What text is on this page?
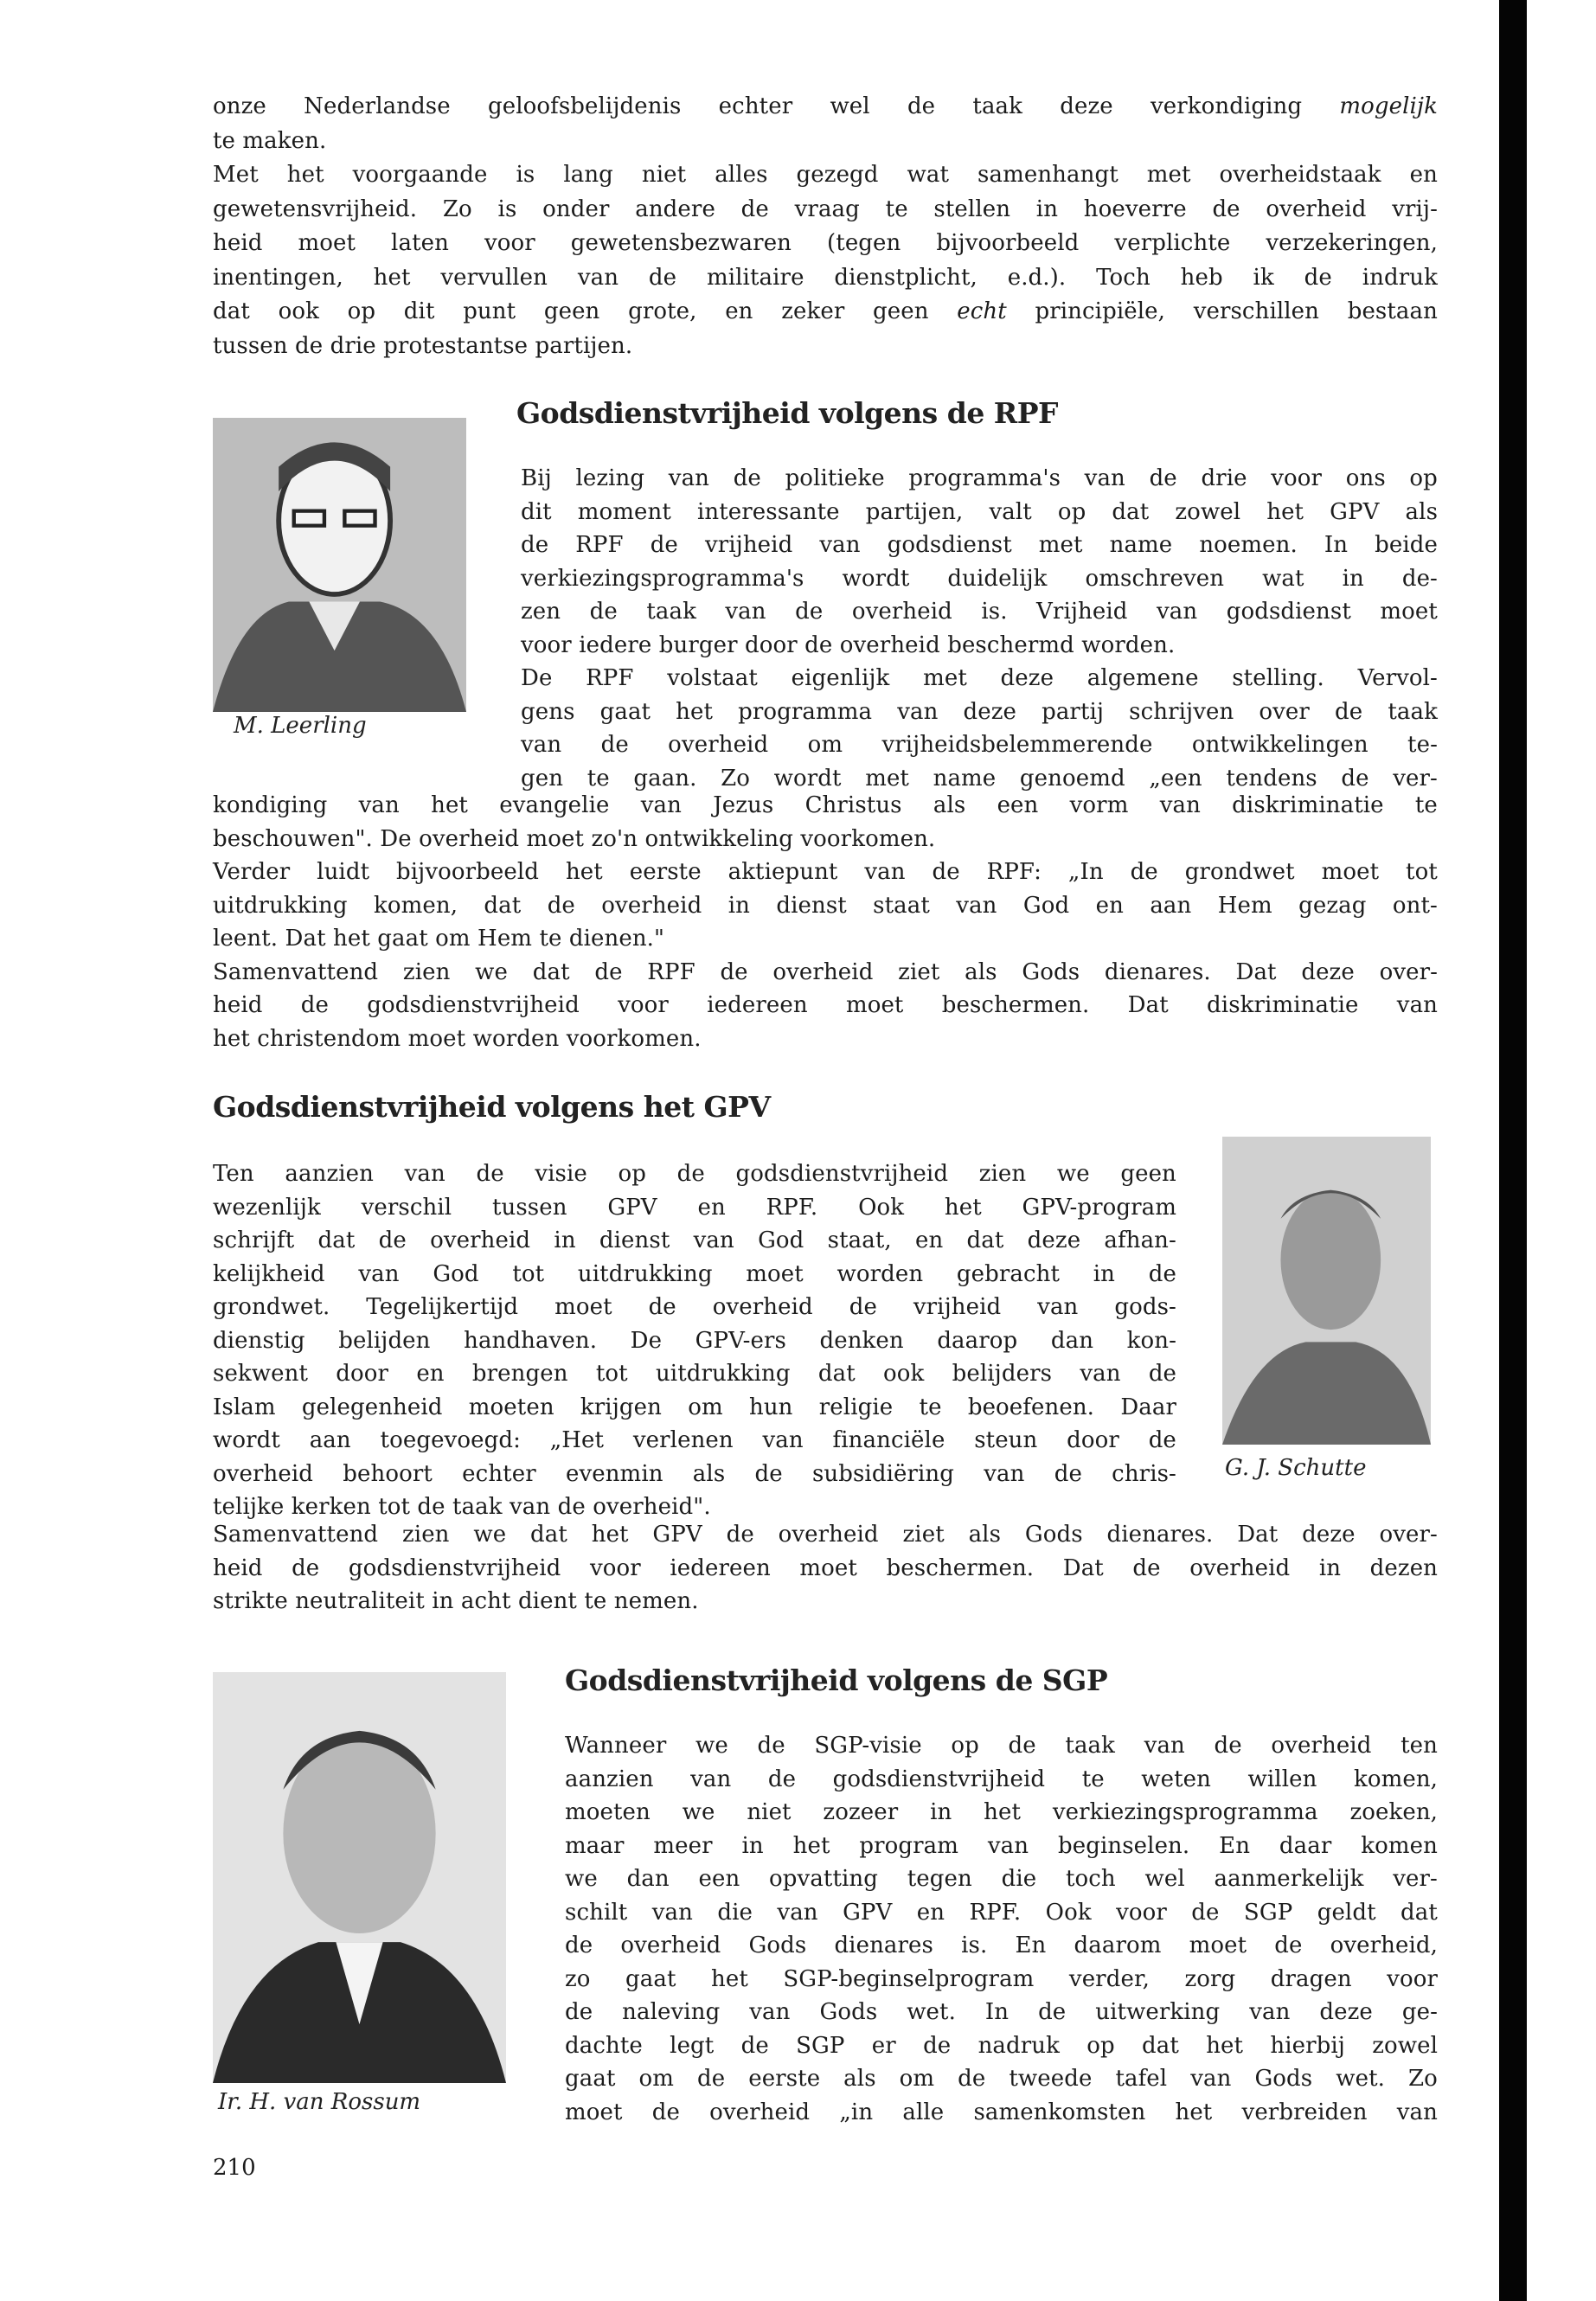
onze Nederlandse geloofsbelijdenis echter wel de taak deze verkondiging mogelijk
te maken.
Met het voorgaande is lang niet alles gezegd wat samenhangt met overheidstaak en
gewetensvrijheid. Zo is onder andere de vraag te stellen in hoeverre de overheid vrij-
heid moet laten voor gewetensbezwaren (tegen bijvoorbeeld verplichte verzekeringen,
inentingen, het vervullen van de militaire dienstplicht, e.d.). Toch heb ik de indruk
dat ook op dit punt geen grote, en zeker geen echt principiële, verschillen bestaan
tussen de drie protestantse partijen.
Godsdienstvrijheid volgens de RPF
M. Leerling
Bij lezing van de politieke programma's van de drie voor ons op
dit moment interessante partijen, valt op dat zowel het GPV als
de RPF de vrijheid van godsdienst met name noemen. In beide
verkiezingsprogramma's wordt duidelijk omschreven wat in de-
zen de taak van de overheid is. Vrijheid van godsdienst moet
voor iedere burger door de overheid beschermd worden.
De RPF volstaat eigenlijk met deze algemene stelling. Vervol-
gens gaat het programma van deze partij schrijven over de taak
van de overheid om vrijheidsbelemmerende ontwikkelingen te-
gen te gaan. Zo wordt met name genoemd „een tendens de ver-
kondiging van het evangelie van Jezus Christus als een vorm van diskriminatie te
beschouwen". De overheid moet zo'n ontwikkeling voorkomen.
Verder luidt bijvoorbeeld het eerste aktiepunt van de RPF: „In de grondwet moet tot
uitdrukking komen, dat de overheid in dienst staat van God en aan Hem gezag ont-
leent. Dat het gaat om Hem te dienen."
Samenvattend zien we dat de RPF de overheid ziet als Gods dienares. Dat deze over-
heid de godsdienstvrijheid voor iedereen moet beschermen. Dat diskriminatie van
het christendom moet worden voorkomen.
Godsdienstvrijheid volgens het GPV
Ten aanzien van de visie op de godsdienstvrijheid zien we geen
wezenlijk verschil tussen GPV en RPF. Ook het GPV-program
schrijft dat de overheid in dienst van God staat, en dat deze afhan-
kelijkheid van God tot uitdrukking moet worden gebracht in de
grondwet. Tegelijkertijd moet de overheid de vrijheid van gods-
dienstig belijden handhaven. De GPV-ers denken daarop dan kon-
sekwent door en brengen tot uitdrukking dat ook belijders van de
Islam gelegenheid moeten krijgen om hun religie te beoefenen. Daar
wordt aan toegevoegd: „Het verlenen van financiële steun door de
overheid behoort echter evenmin als de subsidiëring van de chris-
telijke kerken tot de taak van de overheid".
G. J. Schutte
Samenvattend zien we dat het GPV de overheid ziet als Gods dienares. Dat deze over-
heid de godsdienstvrijheid voor iedereen moet beschermen. Dat de overheid in dezen
strikte neutraliteit in acht dient te nemen.
Ir. H. van Rossum
Godsdienstvrijheid volgens de SGP
Wanneer we de SGP-visie op de taak van de overheid ten
aanzien van de godsdienstvrijheid te weten willen komen,
moeten we niet zozeer in het verkiezingsprogramma zoeken,
maar meer in het program van beginselen. En daar komen
we dan een opvatting tegen die toch wel aanmerkelijk ver-
schilt van die van GPV en RPF. Ook voor de SGP geldt dat
de overheid Gods dienares is. En daarom moet de overheid,
zo gaat het SGP-beginselprogram verder, zorg dragen voor
de naleving van Gods wet. In de uitwerking van deze ge-
dachte legt de SGP er de nadruk op dat het hierbij zowel
gaat om de eerste als om de tweede tafel van Gods wet. Zo
moet de overheid „in alle samenkomsten het verbreiden van
210
